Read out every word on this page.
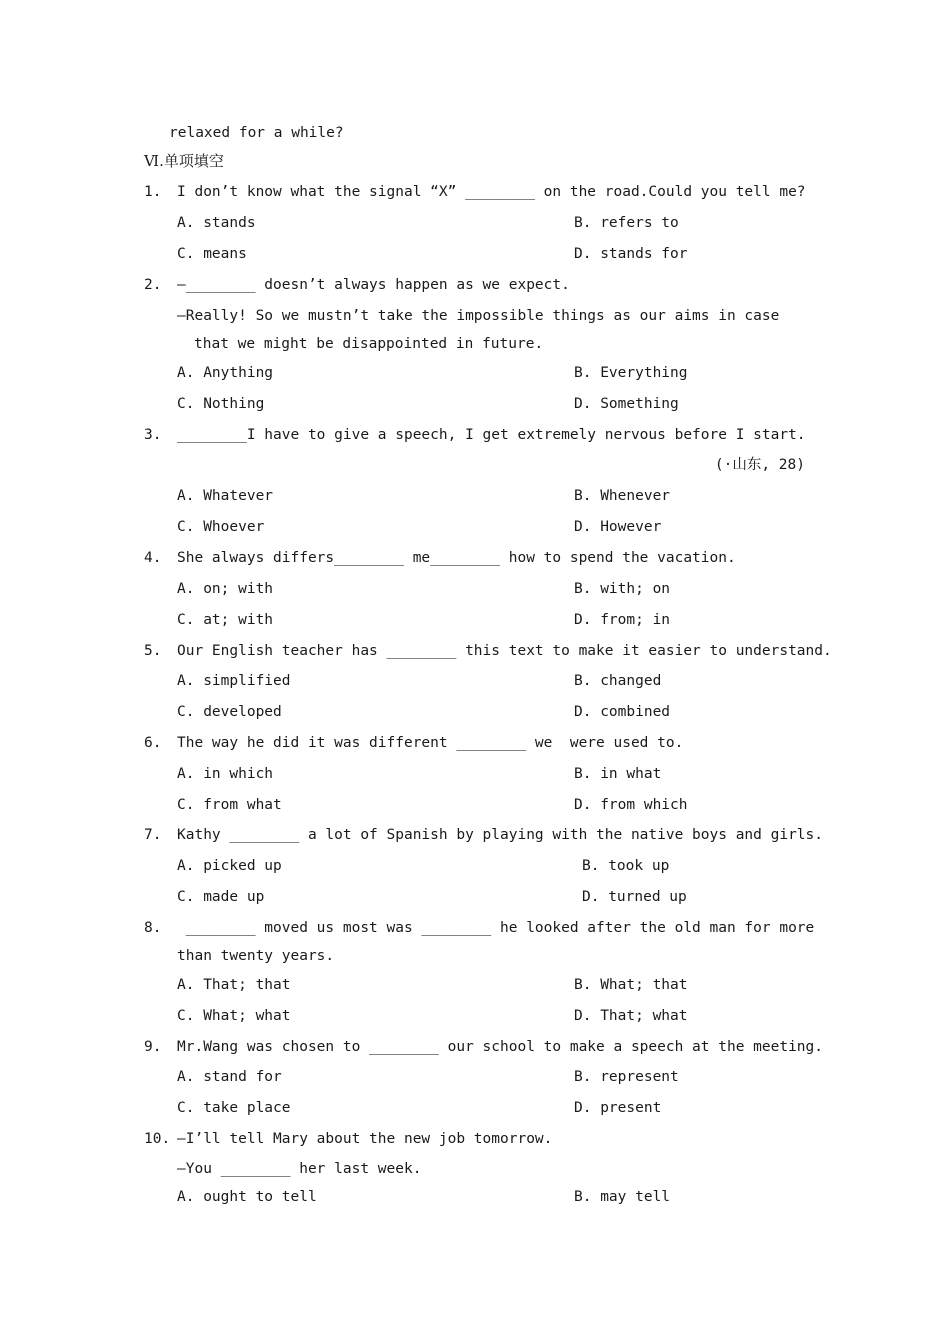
relaxed for a while?
Ⅵ.单项填空
1. I don’t know what the signal “X” ________ on the road.Could you tell me?
A. stands	B. refers to
C. means	D. stands for
2. —________ doesn’t always happen as we expect.
—Really! So we mustn’t take the impossible things as our aims in case
that we might be disappointed in future.
A. Anything	B. Everything
C. Nothing	D. Something
3. ________I have to give a speech, I get extremely nervous before I start.
(·山东, 28)
A. Whatever	B. Whenever
C. Whoever	D. However
4. She always differs________ me________ how to spend the vacation.
A. on; with	B. with; on
C. at; with	D. from; in
5. Our English teacher has ________ this text to make it easier to understand.
A. simplified	B. changed
C. developed	D. combined
6. The way he did it was different ________ we  were used to.
A. in which	B. in what
C. from what	D. from which
7. Kathy ________ a lot of Spanish by playing with the native boys and girls.
A. picked up	B. took up
C. made up	D. turned up
8. ________ moved us most was ________ he looked after the old man for more
than twenty years.
A. That; that	B. What; that
C. What; what	D. That; what
9. Mr.Wang was chosen to ________ our school to make a speech at the meeting.
A. stand for	B. represent
C. take place	D. present
10. —I’ll tell Mary about the new job tomorrow.
—You ________ her last week.
A. ought to tell	B. may tell
